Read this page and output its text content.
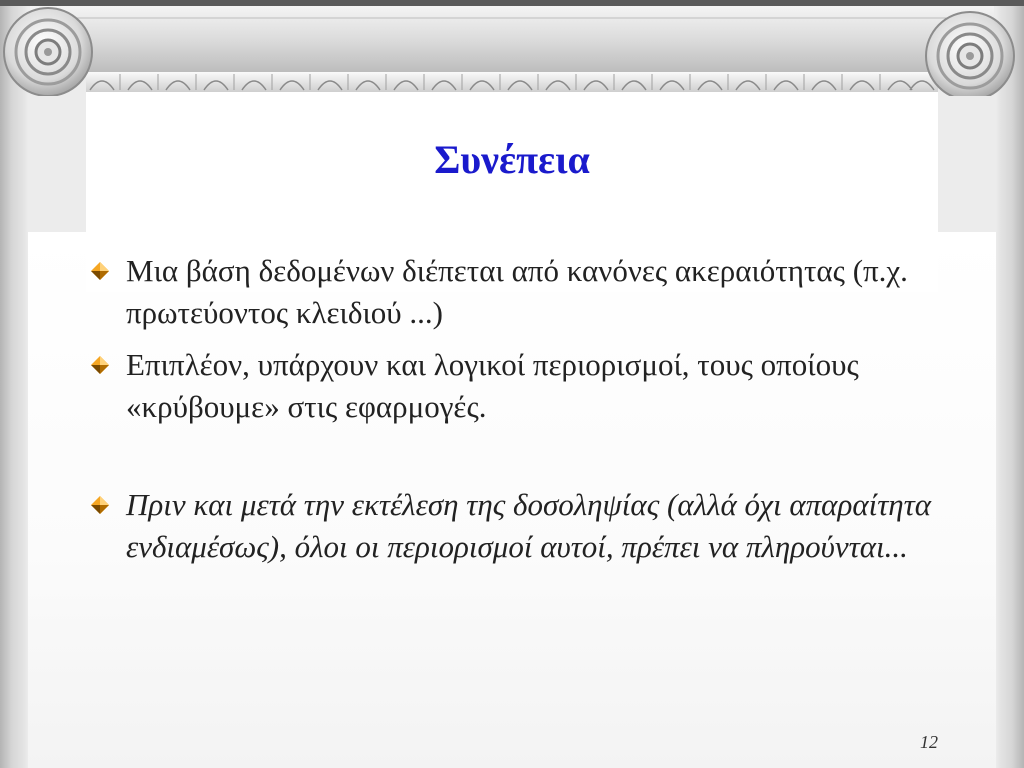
Συνέπεια
Μια βάση δεδομένων διέπεται από κανόνες ακεραιότητας (π.χ. πρωτεύοντος κλειδιού ...)
Επιπλέον, υπάρχουν και λογικοί περιορισμοί, τους οποίους «κρύβουμε» στις εφαρμογές.
Πριν και μετά την εκτέλεση της δοσοληψίας (αλλά όχι απαραίτητα ενδιαμέσως), όλοι οι περιορισμοί αυτοί, πρέπει να πληρούνται...
12
